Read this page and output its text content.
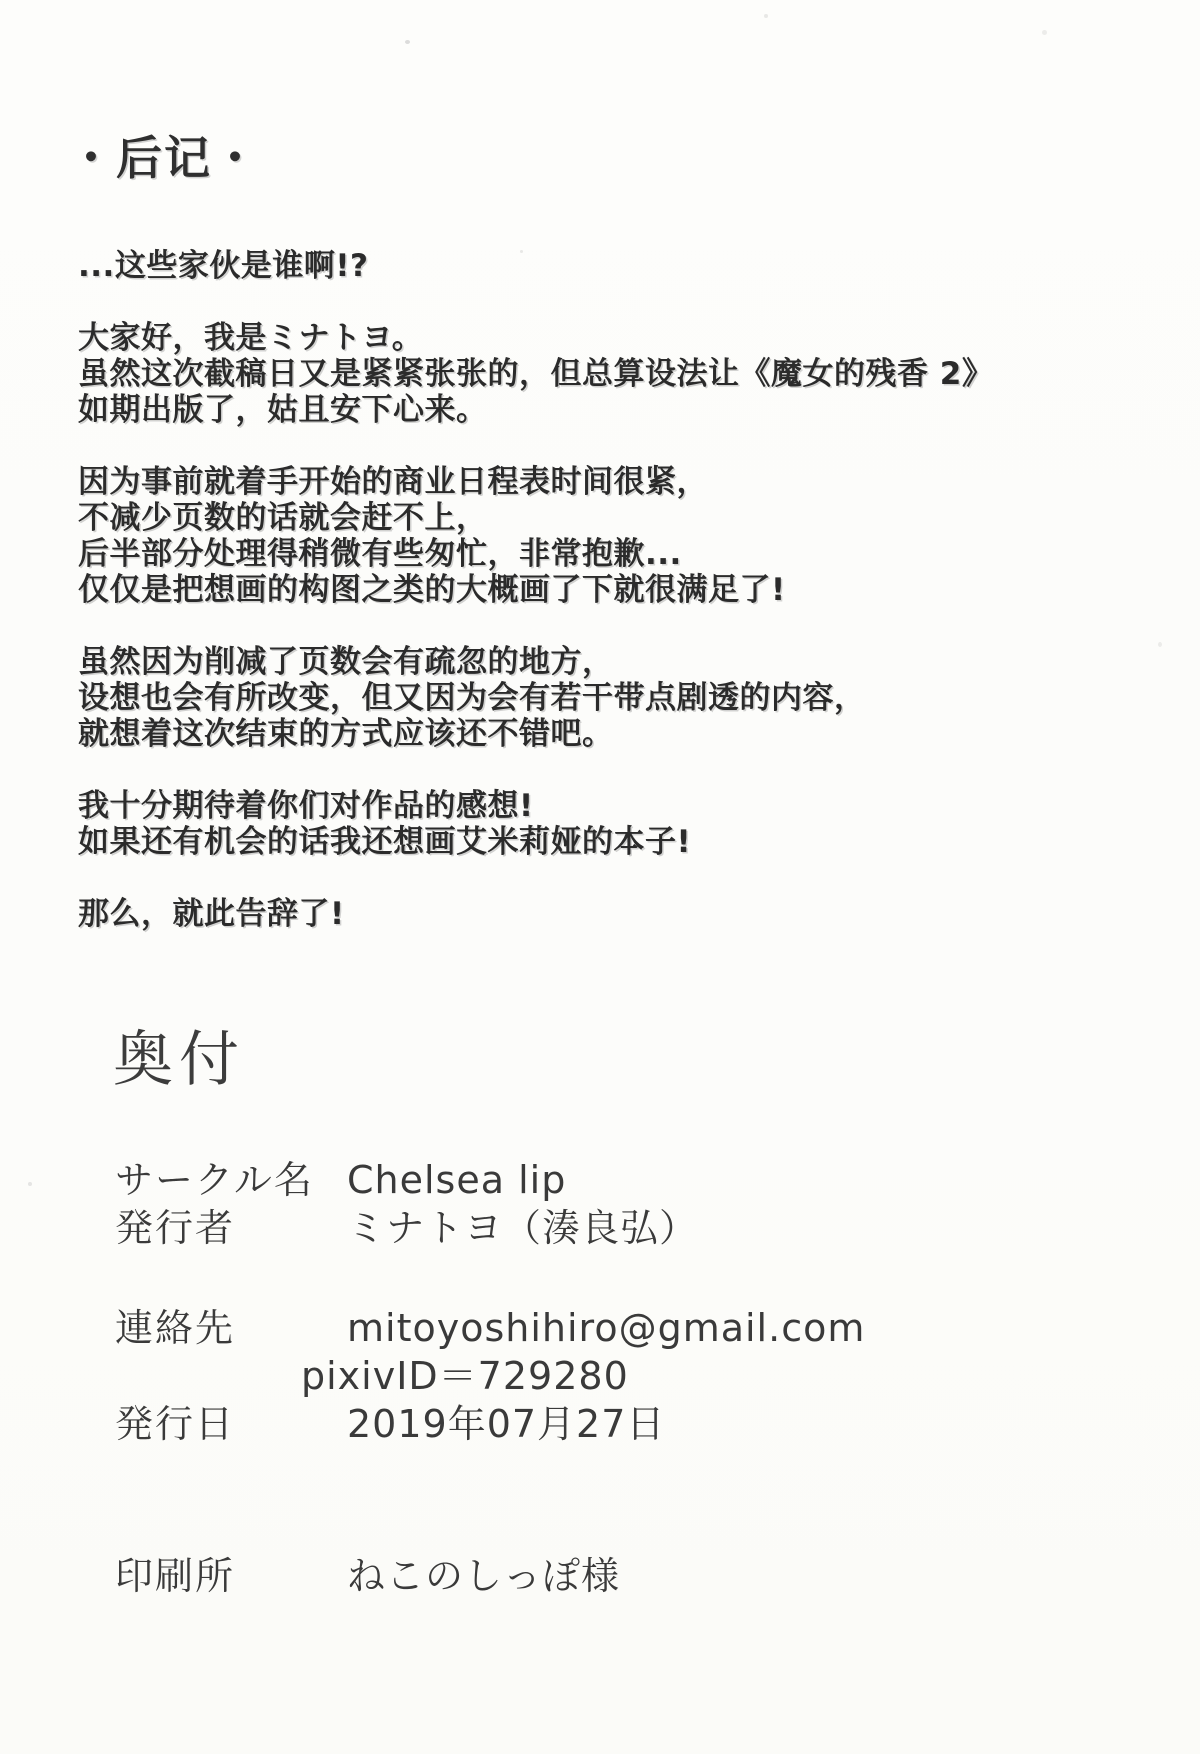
・后记・

...这些家伙是谁啊!?

大家好，我是ミナトヨ。
虽然这次截稿日又是紧紧张张的，但总算设法让《魔女的残香 2》
如期出版了，姑且安下心来。

因为事前就着手开始的商业日程表时间很紧，
不减少页数的话就会赶不上，
后半部分处理得稍微有些匆忙，非常抱歉...
仅仅是把想画的构图之类的大概画了下就很满足了!

虽然因为削减了页数会有疏忽的地方，
设想也会有所改变，但又因为会有若干带点剧透的内容，
就想着这次结束的方式应该还不错吧。

我十分期待着你们对作品的感想!
如果还有机会的话我还想画艾米莉娅的本子!

那么，就此告辞了!

奥付
サークル名 Chelsea lip
発行者	ミナトヨ（湊良弘）
連絡先	mitoyoshihiro@gmail.com
pixivID＝729280
発行日	2019年07月27日
印刷所	ねこのしっぽ様
